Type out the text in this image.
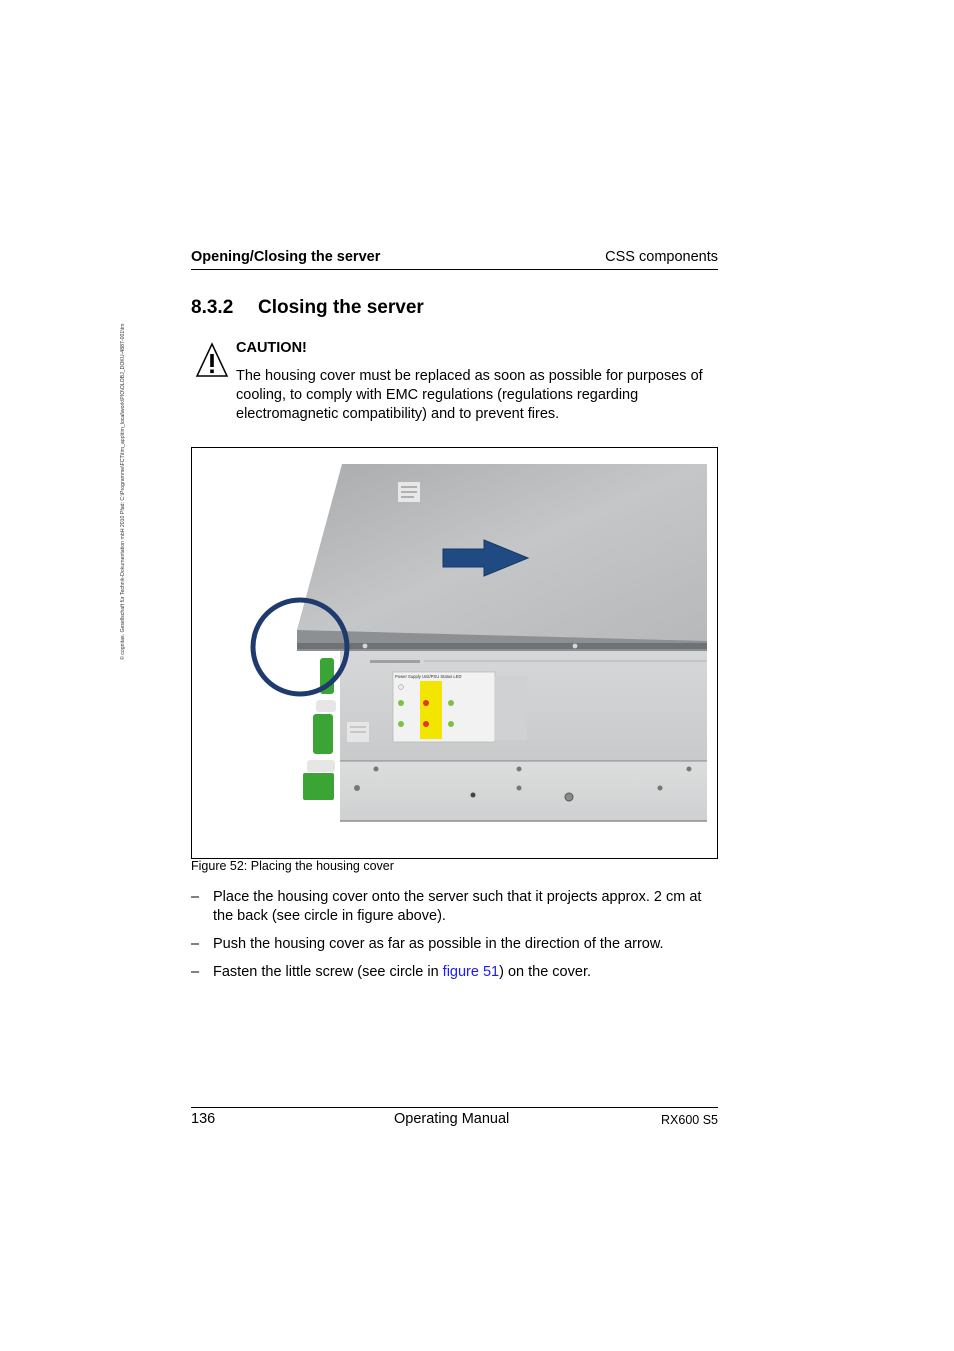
© cognitas. Gesellschaft für Technik-Dokumentation mbH 2010 Pfad: C:\Programme\FCT\tim_app\tim_local\work\PIO\OLOBJ_DOKU-4887-001\tm
Opening/Closing the server	CSS components
8.3.2 Closing the server
CAUTION!
The housing cover must be replaced as soon as possible for purposes of cooling, to comply with EMC regulations (regulations regarding electromagnetic compatibility) and to prevent fires.
Power Supply Unit/PSU Status LED
Figure 52: Placing the housing cover
– Place the housing cover onto the server such that it projects approx. 2 cm at the back (see circle in figure above).
– Push the housing cover as far as possible in the direction of the arrow.
– Fasten the little screw (see circle in figure 51) on the cover.
136	Operating Manual	RX600 S5
